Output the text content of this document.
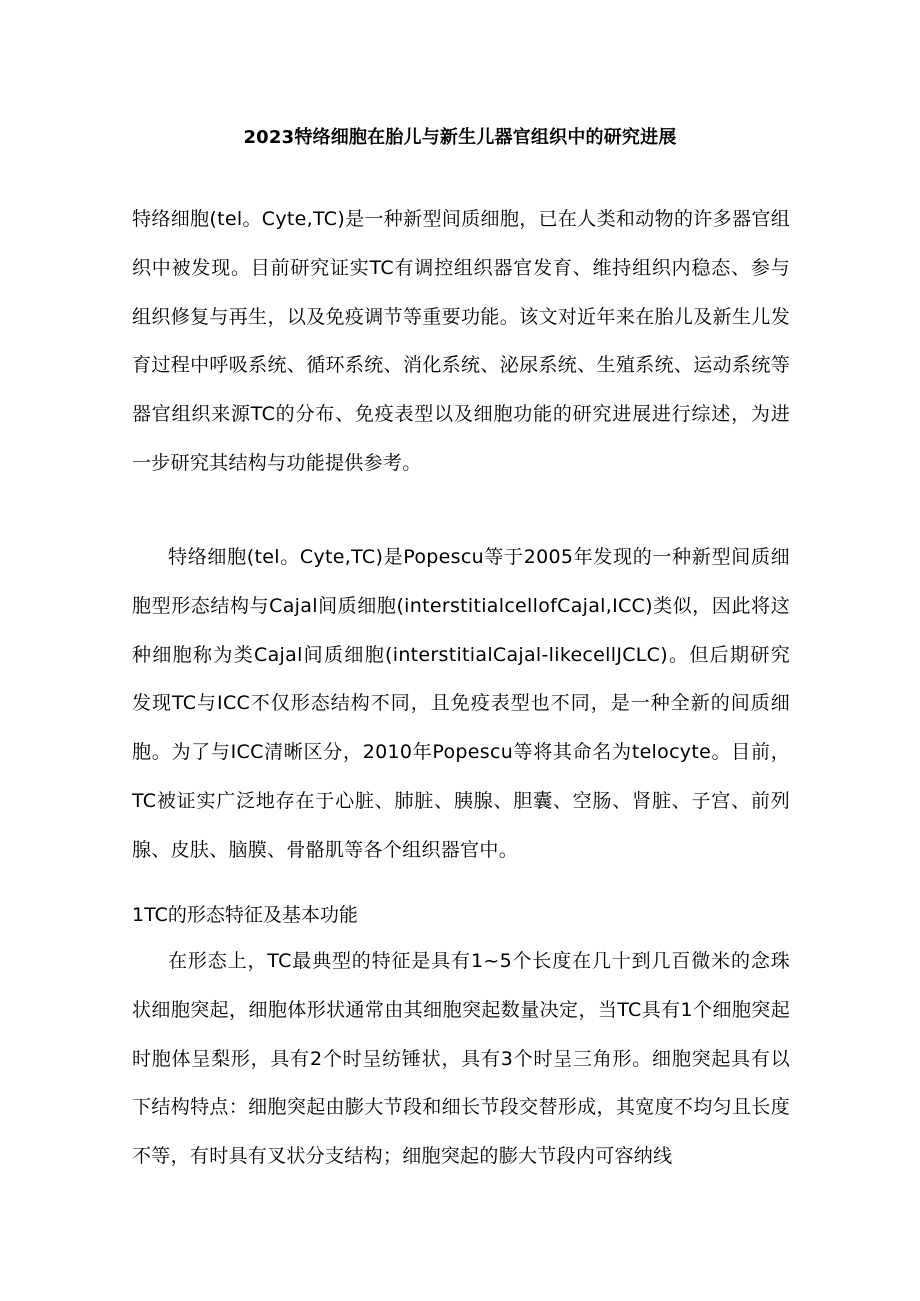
2023特络细胞在胎儿与新生儿器官组织中的研究进展

特络细胞(tel。Cyte,TC)是一种新型间质细胞，已在人类和动物的许多器官组织中被发现。目前研究证实TC有调控组织器官发育、维持组织内稳态、参与组织修复与再生，以及免疫调节等重要功能。该文对近年来在胎儿及新生儿发育过程中呼吸系统、循环系统、消化系统、泌尿系统、生殖系统、运动系统等器官组织来源TC的分布、免疫表型以及细胞功能的研究进展进行综述，为进一步研究其结构与功能提供参考。

特络细胞(tel。Cyte,TC)是Popescu等于2005年发现的一种新型间质细胞型形态结构与Cajal间质细胞(interstitialcellofCajal,ICC)类似，因此将这种细胞称为类Cajal间质细胞(interstitialCajal-likecellJCLC)。但后期研究发现TC与ICC不仅形态结构不同，且免疫表型也不同，是一种全新的间质细胞。为了与ICC清晰区分，2010年Popescu等将其命名为telocyte。目前，TC被证实广泛地存在于心脏、肺脏、胰腺、胆囊、空肠、肾脏、子宫、前列腺、皮肤、脑膜、骨骼肌等各个组织器官中。

1TC的形态特征及基本功能

在形态上，TC最典型的特征是具有1~5个长度在几十到几百微米的念珠状细胞突起，细胞体形状通常由其细胞突起数量决定，当TC具有1个细胞突起时胞体呈梨形，具有2个时呈纺锤状，具有3个时呈三角形。细胞突起具有以下结构特点：细胞突起由膨大节段和细长节段交替形成，其宽度不均匀且长度不等，有时具有叉状分支结构；细胞突起的膨大节段内可容纳线
